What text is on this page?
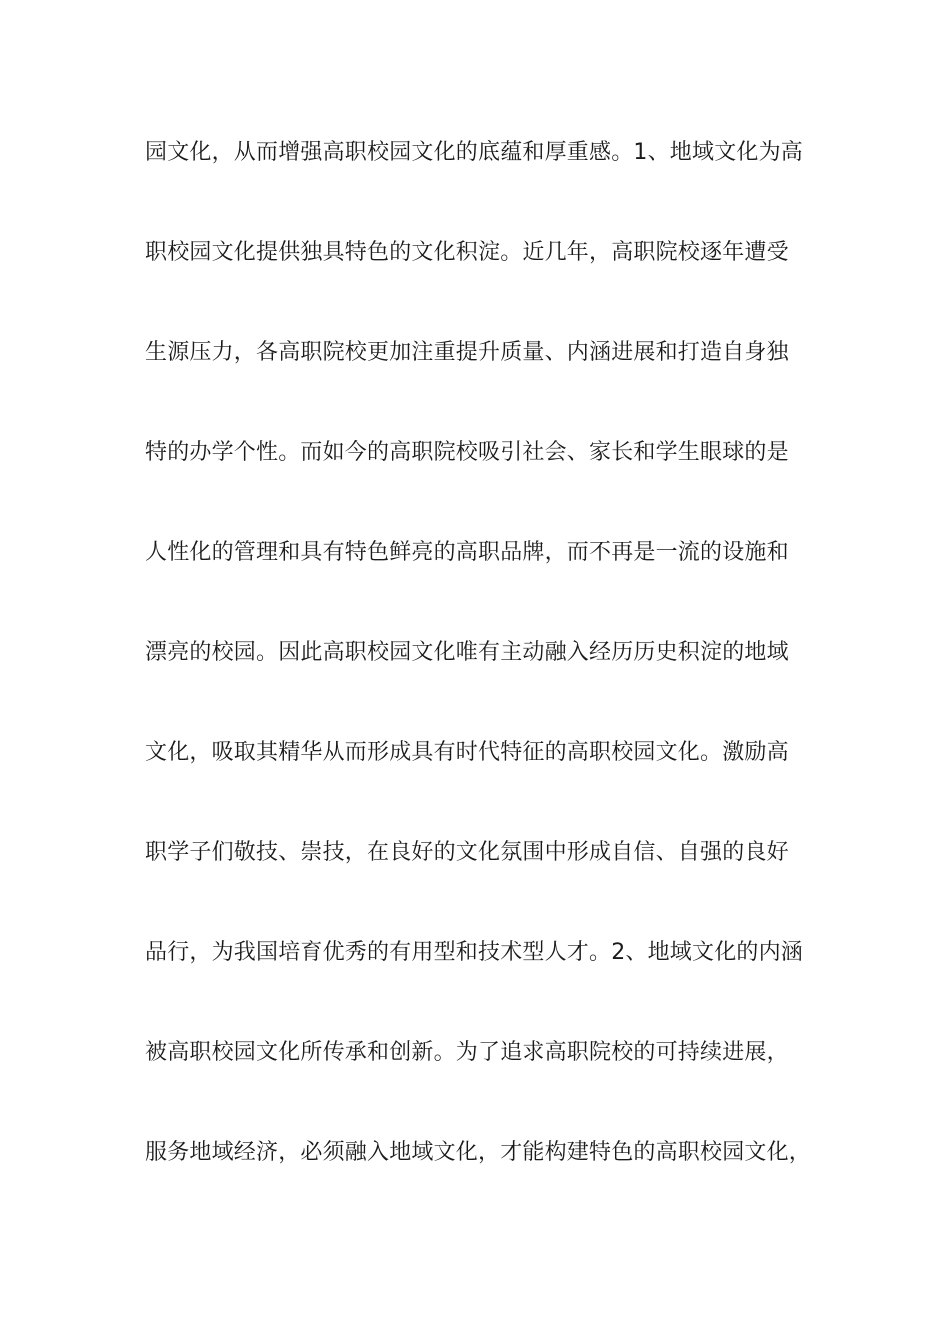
园文化，从而增强高职校园文化的底蕴和厚重感。1、地域文化为高
职校园文化提供独具特色的文化积淀。近几年，高职院校逐年遭受
生源压力，各高职院校更加注重提升质量、内涵进展和打造自身独
特的办学个性。而如今的高职院校吸引社会、家长和学生眼球的是
人性化的管理和具有特色鲜亮的高职品牌，而不再是一流的设施和
漂亮的校园。因此高职校园文化唯有主动融入经历历史积淀的地域
文化，吸取其精华从而形成具有时代特征的高职校园文化。激励高
职学子们敬技、崇技，在良好的文化氛围中形成自信、自强的良好
品行，为我国培育优秀的有用型和技术型人才。2、地域文化的内涵
被高职校园文化所传承和创新。为了追求高职院校的可持续进展，
服务地域经济，必须融入地域文化，才能构建特色的高职校园文化，
